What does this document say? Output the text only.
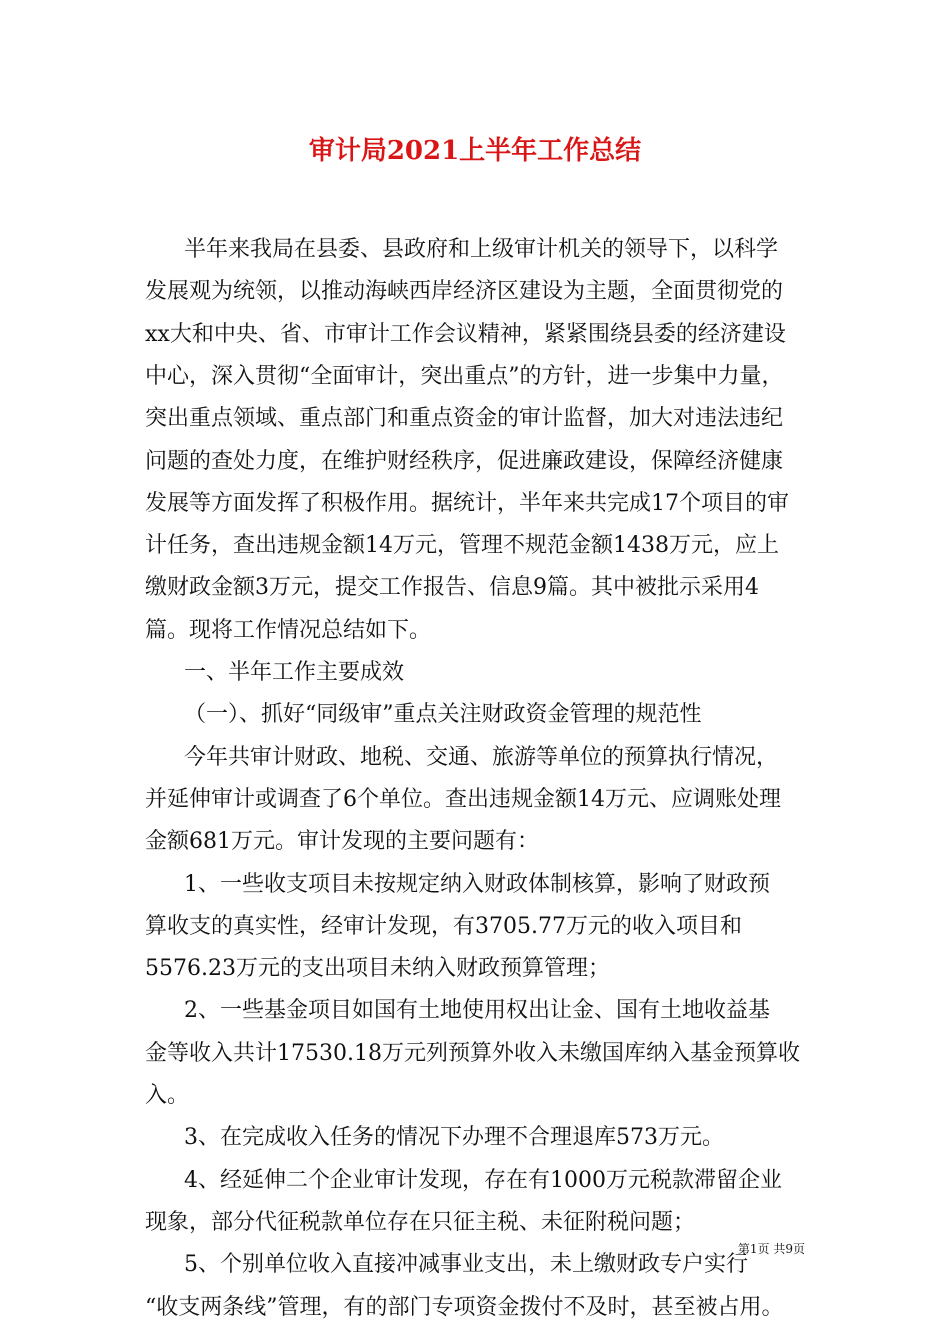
审计局2021上半年工作总结
半年来我局在县委、县政府和上级审计机关的领导下，以科学
发展观为统领，以推动海峡西岸经济区建设为主题，全面贯彻党的
xx大和中央、省、市审计工作会议精神，紧紧围绕县委的经济建设
中心，深入贯彻“全面审计，突出重点”的方针，进一步集中力量，
突出重点领域、重点部门和重点资金的审计监督，加大对违法违纪
问题的查处力度，在维护财经秩序，促进廉政建设，保障经济健康
发展等方面发挥了积极作用。据统计，半年来共完成17个项目的审
计任务，查出违规金额14万元，管理不规范金额1438万元，应上
缴财政金额3万元，提交工作报告、信息9篇。其中被批示采用4
篇。现将工作情况总结如下。
一、半年工作主要成效
（一）、抓好“同级审”重点关注财政资金管理的规范性
今年共审计财政、地税、交通、旅游等单位的预算执行情况，
并延伸审计或调查了6个单位。查出违规金额14万元、应调账处理
金额681万元。审计发现的主要问题有：
1、一些收支项目未按规定纳入财政体制核算，影响了财政预
算收支的真实性，经审计发现，有3705.77万元的收入项目和
5576.23万元的支出项目未纳入财政预算管理；
2、一些基金项目如国有土地使用权出让金、国有土地收益基
金等收入共计17530.18万元列预算外收入未缴国库纳入基金预算收
入。
3、在完成收入任务的情况下办理不合理退库573万元。
4、经延伸二个企业审计发现，存在有1000万元税款滞留企业
现象，部分代征税款单位存在只征主税、未征附税问题；
5、个别单位收入直接冲减事业支出，未上缴财政专户实行
“收支两条线”管理，有的部门专项资金拨付不及时，甚至被占用。
第1页 共9页
